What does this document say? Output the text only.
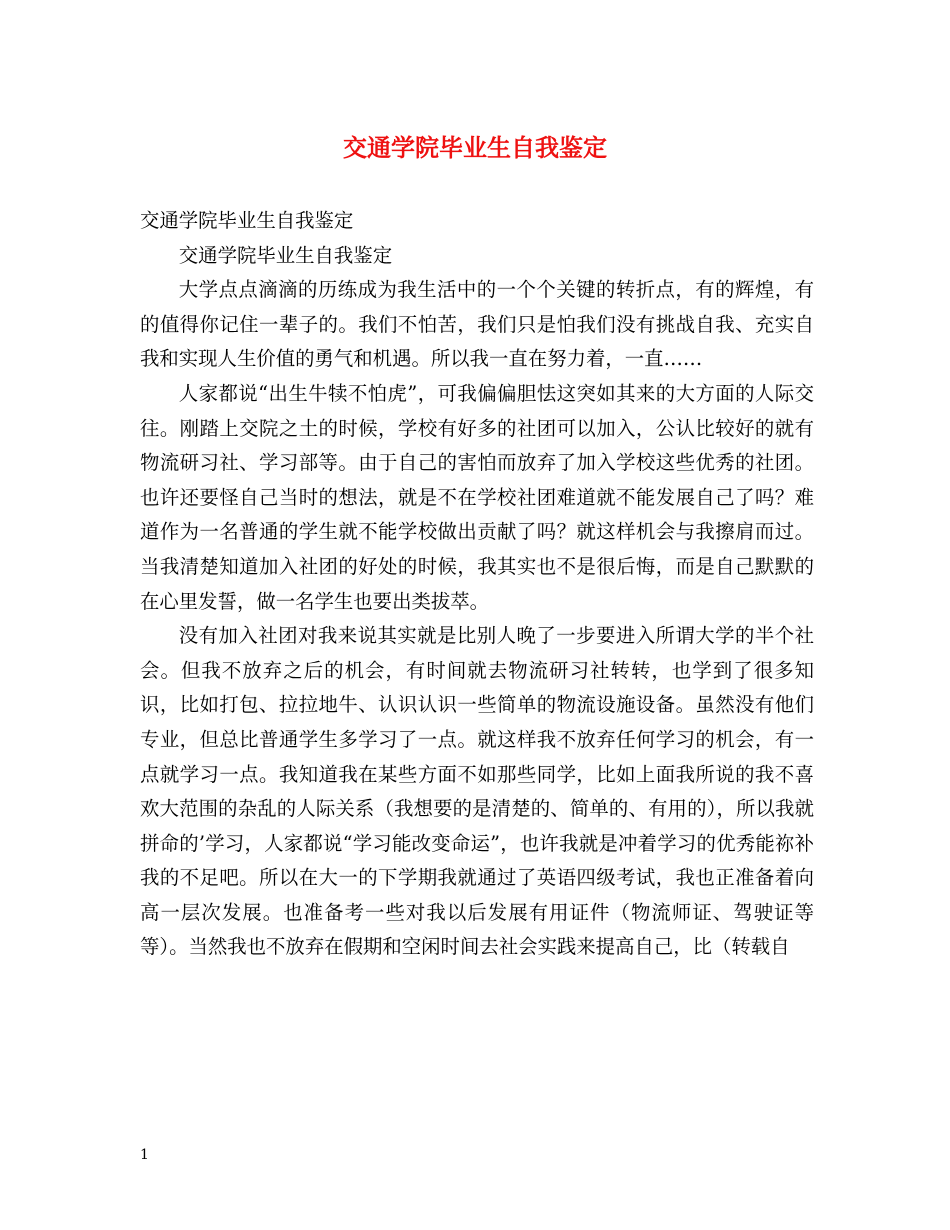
交通学院毕业生自我鉴定

交通学院毕业生自我鉴定

交通学院毕业生自我鉴定

大学点点滴滴的历练成为我生活中的一个个关键的转折点，有的辉煌，有的值得你记住一辈子的。我们不怕苦，我们只是怕我们没有挑战自我、充实自我和实现人生价值的勇气和机遇。所以我一直在努力着，一直……

人家都说“出生牛犊不怕虎”，可我偏偏胆怯这突如其来的大方面的人际交往。刚踏上交院之土的时候，学校有好多的社团可以加入，公认比较好的就有物流研习社、学习部等。由于自己的害怕而放弃了加入学校这些优秀的社团。也许还要怪自己当时的想法，就是不在学校社团难道就不能发展自己了吗？难道作为一名普通的学生就不能学校做出贡献了吗？就这样机会与我擦肩而过。当我清楚知道加入社团的好处的时候，我其实也不是很后悔，而是自己默默的在心里发誓，做一名学生也要出类拔萃。

没有加入社团对我来说其实就是比别人晚了一步要进入所谓大学的半个社会。但我不放弃之后的机会，有时间就去物流研习社转转，也学到了很多知识，比如打包、拉拉地牛、认识认识一些简单的物流设施设备。虽然没有他们专业，但总比普通学生多学习了一点。就这样我不放弃任何学习的机会，有一点就学习一点。我知道我在某些方面不如那些同学，比如上面我所说的我不喜欢大范围的杂乱的人际关系（我想要的是清楚的、简单的、有用的），所以我就拼命的’学习，人家都说“学习能改变命运”，也许我就是冲着学习的优秀能祢补我的不足吧。所以在大一的下学期我就通过了英语四级考试，我也正准备着向高一层次发展。也准备考一些对我以后发展有用证件（物流师证、驾驶证等等）。当然我也不放弃在假期和空闲时间去社会实践来提高自己，比（转载自

1
